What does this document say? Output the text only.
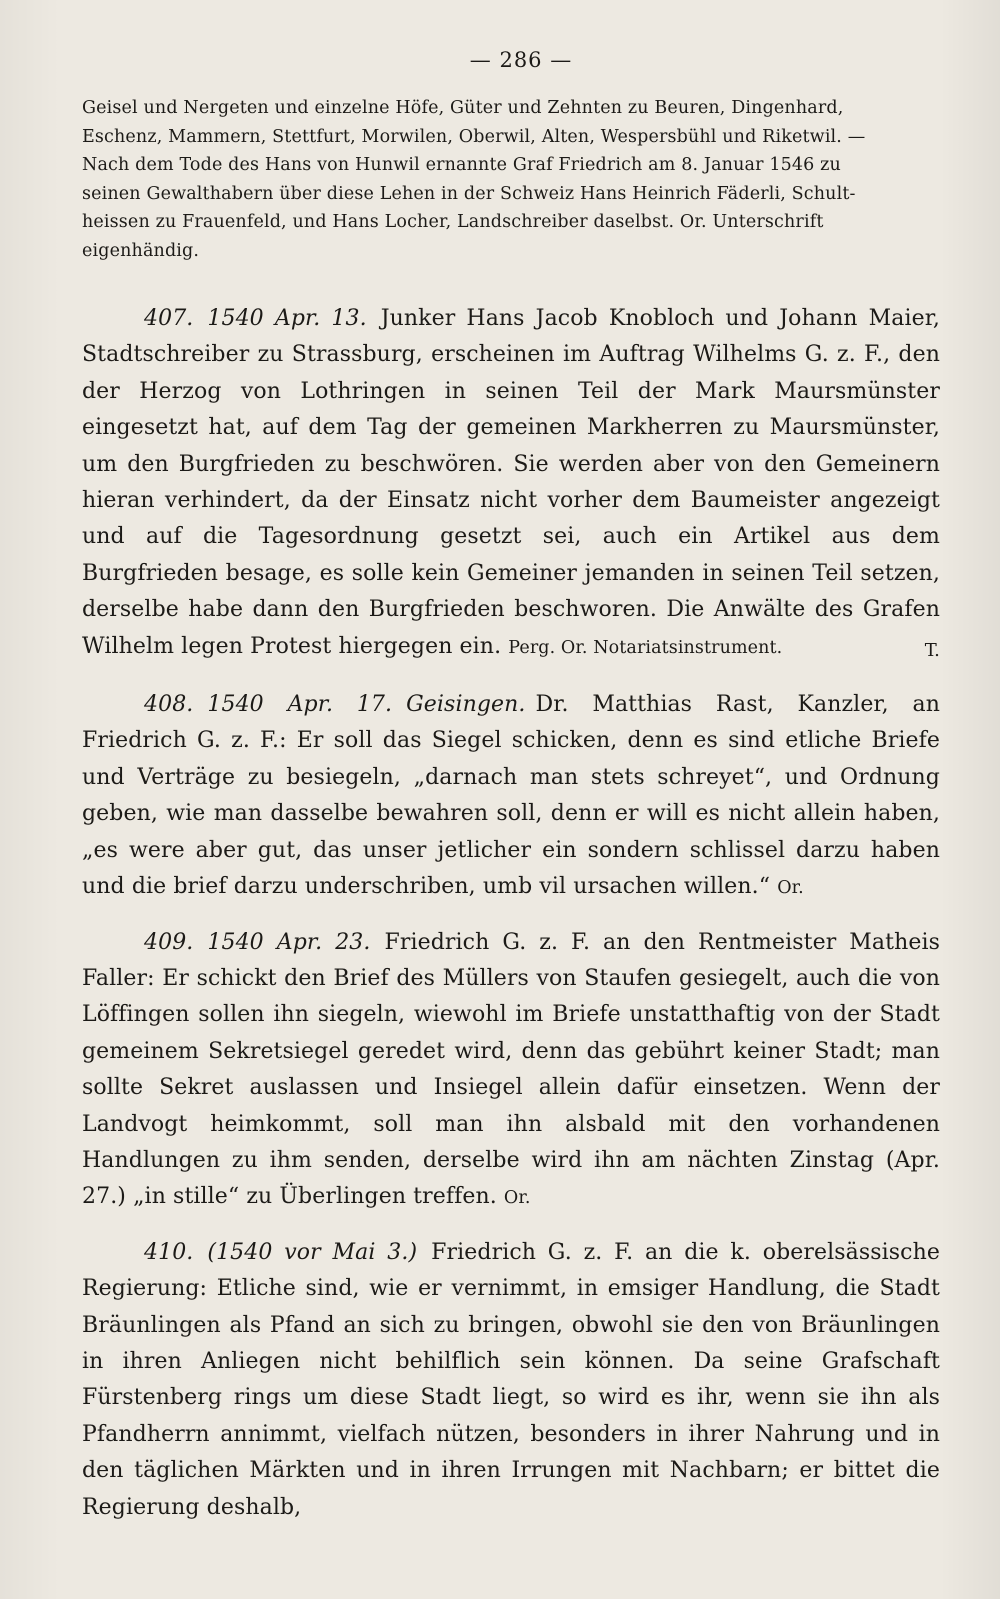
— 286 —
Geisel und Nergeten und einzelne Höfe, Güter und Zehnten zu Beuren, Dingenhard,
Eschenz, Mammern, Stettfurt, Morwilen, Oberwil, Alten, Wespersbühl und Riketwil. —
Nach dem Tode des Hans von Hunwil ernannte Graf Friedrich am 8. Januar 1546 zu
seinen Gewalthabern über diese Lehen in der Schweiz Hans Heinrich Fäderli, Schult-
heissen zu Frauenfeld, und Hans Locher, Landschreiber daselbst. Or. Unterschrift
eigenhändig.
407. 1540 Apr. 13. Junker Hans Jacob Knobloch und Johann Maier, Stadtschreiber zu Strassburg, erscheinen im Auftrag Wilhelms G. z. F., den der Herzog von Lothringen in seinen Teil der Mark Maursmünster eingesetzt hat, auf dem Tag der gemeinen Markherren zu Maursmünster, um den Burgfrieden zu beschwören. Sie werden aber von den Gemeinern hieran verhindert, da der Einsatz nicht vorher dem Baumeister angezeigt und auf die Tagesordnung gesetzt sei, auch ein Artikel aus dem Burgfrieden besage, es solle kein Gemeiner jemanden in seinen Teil setzen, derselbe habe dann den Burgfrieden beschworen. Die Anwälte des Grafen Wilhelm legen Protest hiergegen ein. Perg. Or. Notariatsinstrument.	T.
408. 1540 Apr. 17. Geisingen. Dr. Matthias Rast, Kanzler, an Friedrich G. z. F.: Er soll das Siegel schicken, denn es sind etliche Briefe und Verträge zu besiegeln, „darnach man stets schreyet“, und Ordnung geben, wie man dasselbe bewahren soll, denn er will es nicht allein haben, „es were aber gut, das unser jetlicher ein sondern schlissel darzu haben und die brief darzu underschriben, umb vil ursachen willen.“ Or.
409. 1540 Apr. 23. Friedrich G. z. F. an den Rentmeister Matheis Faller: Er schickt den Brief des Müllers von Staufen gesiegelt, auch die von Löffingen sollen ihn siegeln, wiewohl im Briefe unstatthaftig von der Stadt gemeinem Sekretsiegel geredet wird, denn das gebührt keiner Stadt; man sollte Sekret auslassen und Insiegel allein dafür einsetzen. Wenn der Landvogt heimkommt, soll man ihn alsbald mit den vorhandenen Handlungen zu ihm senden, derselbe wird ihn am nächten Zinstag (Apr. 27.) „in stille“ zu Überlingen treffen. Or.
410. (1540 vor Mai 3.) Friedrich G. z. F. an die k. oberelsässische Regierung: Etliche sind, wie er vernimmt, in emsiger Handlung, die Stadt Bräunlingen als Pfand an sich zu bringen, obwohl sie den von Bräunlingen in ihren Anliegen nicht behilflich sein können. Da seine Grafschaft Fürstenberg rings um diese Stadt liegt, so wird es ihr, wenn sie ihn als Pfandherrn annimmt, vielfach nützen, besonders in ihrer Nahrung und in den täglichen Märkten und in ihren Irrungen mit Nachbarn; er bittet die Regierung deshalb,
